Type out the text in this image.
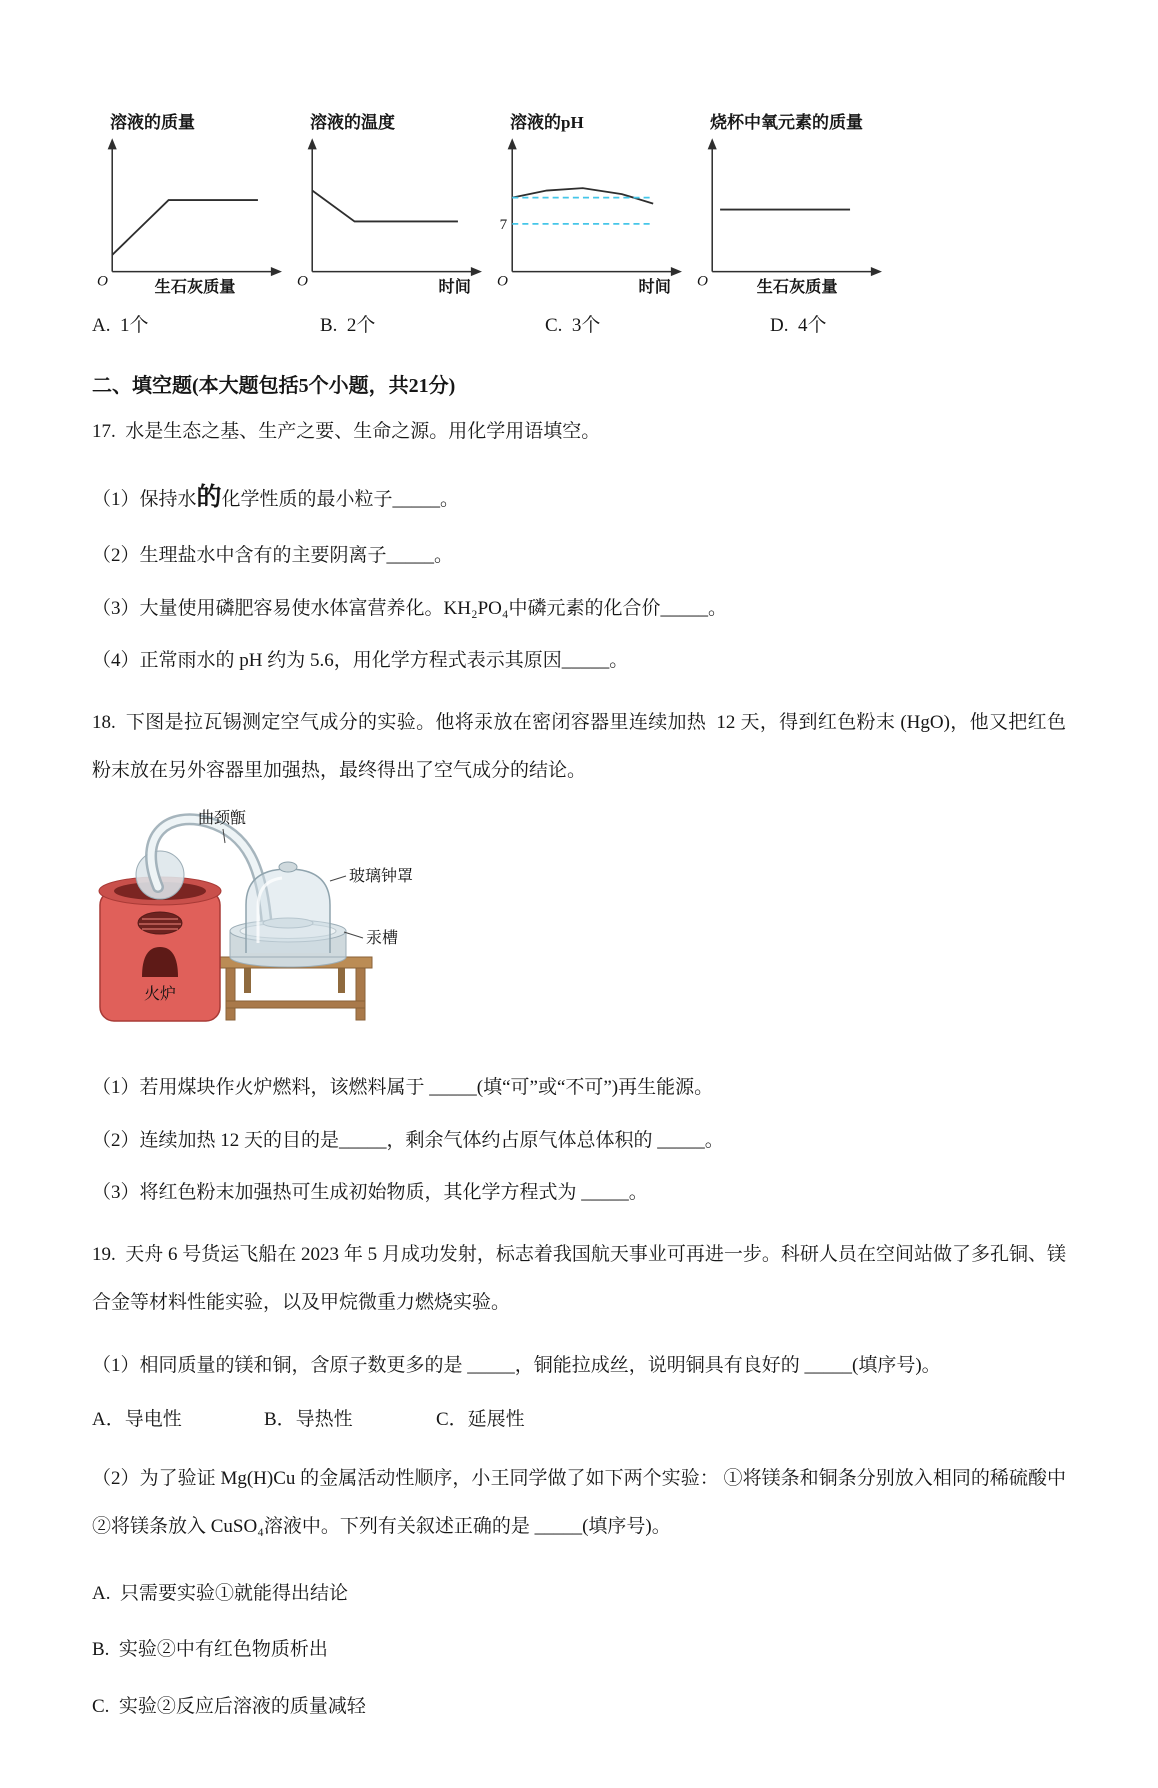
溶液的质量
O	生石灰质量
溶液的温度
O	时间
溶液的pH
7
O	时间
烧杯中氧元素的质量
O	生石灰质量
A.  1个	B.  2个	C.  3个	D.  4个
二、填空题(本大题包括5个小题，共21分)

17.  水是生态之基、生产之要、生命之源。用化学用语填空。

（1）保持水的化学性质的最小粒子_____。

（2）生理盐水中含有的主要阴离子_____。

（3）大量使用磷肥容易使水体富营养化。KH₂PO₄中磷元素的化合价_____。

（4）正常雨水的 pH 约为 5.6，用化学方程式表示其原因_____。

18.  下图是拉瓦锡测定空气成分的实验。他将汞放在密闭容器里连续加热  12 天，得到红色粉末 (HgO)，他又把红色粉末放在另外容器里加强热，最终得出了空气成分的结论。

火炉
曲颈甑
玻璃钟罩
汞槽

（1）若用煤块作火炉燃料，该燃料属于 _____(填“可”或“不可”)再生能源。

（2）连续加热 12 天的目的是_____，剩余气体约占原气体总体积的 _____。

（3）将红色粉末加强热可生成初始物质，其化学方程式为 _____。

19.  天舟 6 号货运飞船在 2023 年 5 月成功发射，标志着我国航天事业可再进一步。科研人员在空间站做了多孔铜、镁合金等材料性能实验，以及甲烷微重力燃烧实验。

（1）相同质量的镁和铜，含原子数更多的是 _____，铜能拉成丝，说明铜具有良好的 _____(填序号)。

A．导电性	B．导热性	C．延展性

（2）为了验证 Mg(H)Cu 的金属活动性顺序，小王同学做了如下两个实验： ①将镁条和铜条分别放入相同的稀硫酸中②将镁条放入 CuSO₄溶液中。下列有关叙述正确的是 _____(填序号)。

A.  只需要实验①就能得出结论

B.  实验②中有红色物质析出

C.  实验②反应后溶液的质量减轻
